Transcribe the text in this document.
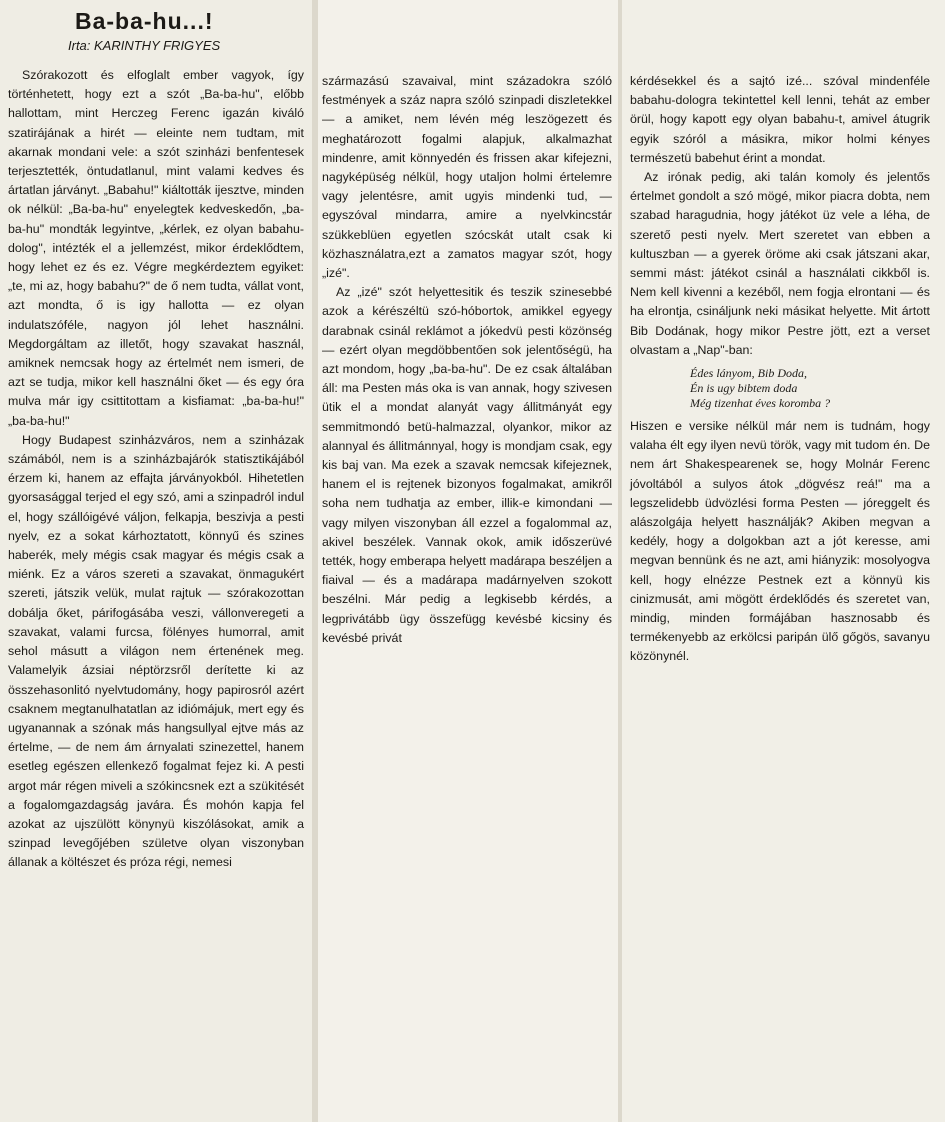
Ba-ba-hu...!

Irta: KARINTHY FRIGYES

Szórakozott és elfoglalt ember vagyok, így történhetett, hogy ezt a szót „Ba-ba-hu", előbb hallottam, mint Herczeg Ferenc igazán kiváló szatirájának a hirét — eleinte nem tudtam, mit akarnak mondani vele: a szót szinházi benfentesek terjesztették, öntudatlanul, mint valami kedves és ártatlan járványt. „Babahu!" kiáltották ijesztve, minden ok nélkül: „Ba-ba-hu" enyelegtek kedveskedőn, „ba-ba-hu" mondták legyintve, „kérlek, ez olyan babahu-dolog", intézték el a jellemzést, mikor érdeklődtem, hogy lehet ez és ez. Végre megkérdeztem egyiket: „te, mi az, hogy babahu?" de ő nem tudta, vállat vont, azt mondta, ő is igy hallotta — ez olyan indulatszóféle, nagyon jól lehet használni. Megdorgáltam az illetőt, hogy szavakat használ, amiknek nemcsak hogy az értelmét nem ismeri, de azt se tudja, mikor kell használni őket — és egy óra mulva már igy csittitottam a kisfiamat: „ba-ba-hu!" „ba-ba-hu!"

Hogy Budapest szinházváros, nem a szinházak számából, nem is a szinházbajárók statisztikájából érzem ki, hanem az effajta járványokból. Hihetetlen gyorsasággal terjed el egy szó, ami a szinpadról indul el, hogy szállóigévé váljon, felkapja, beszivja a pesti nyelv, ez a sokat kárhoztatott, könnyű és szines haberék, mely mégis csak magyar és mégis csak a miénk. Ez a város szereti a szavakat, önmagukért szereti, játszik velük, mulat rajtuk — szórakozottan dobálja őket, párifogásába veszi, vállonveregeti a szavakat, valami furcsa, fölényes humorral, amit sehol másutt a világon nem értenének meg. Valamelyik ázsiai néptörzsről derítette ki az összehasonlitó nyelvtudomány, hogy papirosról azért csaknem megtanulhatatlan az idiómájuk, mert egy és ugyanannak a szónak más hangsullyal ejtve más az értelme, — de nem ám árnyalati szinezettel, hanem esetleg egészen ellenkező fogalmat fejez ki. A pesti argot már régen miveli a szókincsnek ezt a szükitését a fogalomgazdagság javára. És mohón kapja fel azokat az ujszülött könynyü kiszólásokat, amik a szinpad levegőjében születve olyan viszonyban állanak a költészet és próza régi, nemesi

származású szavaival, mint századokra szóló festmények a száz napra szóló szinpadi diszletekkel — a amiket, nem lévén még leszögezett és meghatározott fogalmi alapjuk, alkalmazhat mindenre, amit könnyedén és frissen akar kifejezni, nagyképüség nélkül, hogy utaljon holmi értelemre vagy jelentésre, amit ugyis mindenki tud, — egyszóval mindarra, amire a nyelvkincstár szükkeblüen egyetlen szócskát utalt csak ki közhasználatra,ezt a zamatos magyar szót, hogy „izé".

Az „izé" szót helyettesitik és teszik szinesebbé azok a kérészéltü szó-hóbortok, amikkel egyegy darabnak csinál reklámot a jókedvü pesti közönség — ezért olyan megdöbbentően sok jelentőségü, ha azt mondom, hogy „ba-ba-hu". De ez csak általában áll: ma Pesten más oka is van annak, hogy szivesen ütik el a mondat alanyát vagy állitmányát egy semmitmondó betü-halmazzal, olyankor, mikor az alannyal és állitmánnyal, hogy is mondjam csak, egy kis baj van. Ma ezek a szavak nemcsak kifejeznek, hanem el is rejtenek bizonyos fogalmakat, amikről soha nem tudhatja az ember, illik-e kimondani — vagy milyen viszonyban áll ezzel a fogalommal az, akivel beszélek. Vannak okok, amik időszerüvé tették, hogy emberapa helyett madárapa beszéljen a fiaival — és a madárapa madárnyelven szokott beszélni. Már pedig a legkisebb kérdés, a legprivátább ügy összefügg kevésbé kicsiny és kevésbé privát

kérdésekkel és a sajtó izé... szóval mindenféle babahu-dologra tekintettel kell lenni, tehát az ember örül, hogy kapott egy olyan babahu-t, amivel átugrik egyik szóról a másikra, mikor holmi kényes természetü babehut érint a mondat.

Az irónak pedig, aki talán komoly és jelentős értelmet gondolt a szó mögé, mikor piacra dobta, nem szabad haragudnia, hogy játékot üz vele a léha, de szerető pesti nyelv. Mert szeretet van ebben a kultuszban — a gyerek öröme aki csak játszani akar, semmi mást: játékot csinál a használati cikkből is. Nem kell kivenni a kezéből, nem fogja elrontani — és ha elrontja, csináljunk neki másikat helyette. Mit ártott Bib Dodának, hogy mikor Pestre jött, ezt a verset olvastam a „Nap"-ban:

Édes lányom, Bib Doda,
Én is ugy bibtem doda
Még tizenhat éves koromba ?

Hiszen e versike nélkül már nem is tudnám, hogy valaha élt egy ilyen nevü török, vagy mit tudom én. De nem árt Shakespearenek se, hogy Molnár Ferenc jóvoltából a sulyos átok „dögvész reá!" ma a legszelidebb üdvözlési forma Pesten — jóreggelt és alászolgája helyett használják? Akiben megvan a kedély, hogy a dolgokban azt a jót keresse, ami megvan bennünk és ne azt, ami hiányzik: mosolyogva kell, hogy elnézze Pestnek ezt a könnyü kis cinizmusát, ami mögött érdeklődés és szeretet van, mindig, minden formájában hasznosabb és termékenyebb az erkölcsi paripán ülő gőgös, savanyu közönynél.
